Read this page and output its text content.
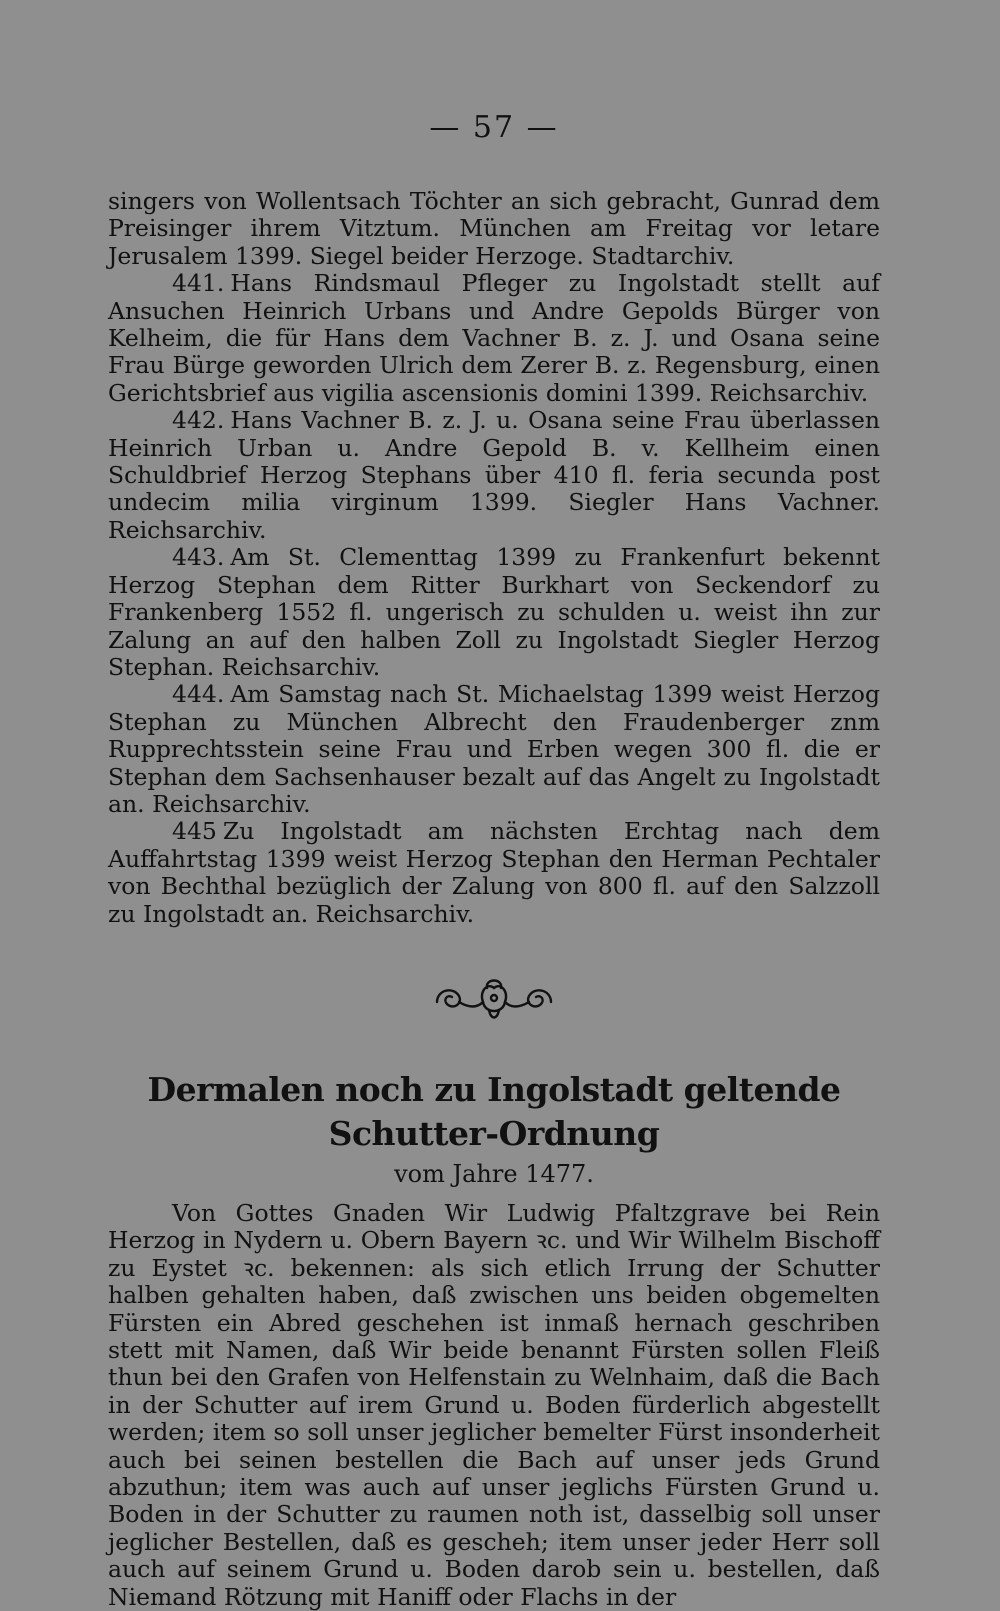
— 57 —

singers von Wollentsach Töchter an sich gebracht, Gunrad dem Preisinger ihrem Vitztum. München am Freitag vor letare Jerusalem 1399. Siegel beider Herzoge. Stadtarchiv.

441. Hans Rindsmaul Pfleger zu Ingolstadt stellt auf Ansuchen Heinrich Urbans und Andre Gepolds Bürger von Kelheim, die für Hans dem Vachner B. z. J. und Osana seine Frau Bürge geworden Ulrich dem Zerer B. z. Regensburg, einen Gerichtsbrief aus vigilia ascensionis domini 1399. Reichsarchiv.

442. Hans Vachner B. z. J. u. Osana seine Frau überlassen Heinrich Urban u. Andre Gepold B. v. Kellheim einen Schuldbrief Herzog Stephans über 410 fl. feria secunda post undecim milia virginum 1399. Siegler Hans Vachner. Reichsarchiv.

443. Am St. Clementtag 1399 zu Frankenfurt bekennt Herzog Stephan dem Ritter Burkhart von Seckendorf zu Frankenberg 1552 fl. ungerisch zu schulden u. weist ihn zur Zalung an auf den halben Zoll zu Ingolstadt Siegler Herzog Stephan. Reichsarchiv.

444. Am Samstag nach St. Michaelstag 1399 weist Herzog Stephan zu München Albrecht den Fraudenberger znm Rupprechtsstein seine Frau und Erben wegen 300 fl. die er Stephan dem Sachsenhauser bezalt auf das Angelt zu Ingolstadt an. Reichsarchiv.

445 Zu Ingolstadt am nächsten Erchtag nach dem Auffahrtstag 1399 weist Herzog Stephan den Herman Pechtaler von Bechthal bezüglich der Zalung von 800 fl. auf den Salzzoll zu Ingolstadt an. Reichsarchiv.

Dermalen noch zu Ingolstadt geltende Schutter-Ordnung
vom Jahre 1477.

Von Gottes Gnaden Wir Ludwig Pfaltzgrave bei Rein Herzog in Nydern u. Obern Bayern ꝛc. und Wir Wilhelm Bischoff zu Eystet ꝛc. bekennen: als sich etlich Irrung der Schutter halben gehalten haben, daß zwischen uns beiden obgemelten Fürsten ein Abred geschehen ist inmaß hernach geschriben stett mit Namen, daß Wir beide benannt Fürsten sollen Fleiß thun bei den Grafen von Helfenstain zu Welnhaim, daß die Bach in der Schutter auf irem Grund u. Boden fürderlich abgestellt werden; item so soll unser jeglicher bemelter Fürst insonderheit auch bei seinen bestellen die Bach auf unser jeds Grund abzuthun; item was auch auf unser jeglichs Fürsten Grund u. Boden in der Schutter zu raumen noth ist, dasselbig soll unser jeglicher Bestellen, daß es gescheh; item unser jeder Herr soll auch auf seinem Grund u. Boden darob sein u. bestellen, daß Niemand Rötzung mit Haniff oder Flachs in der
